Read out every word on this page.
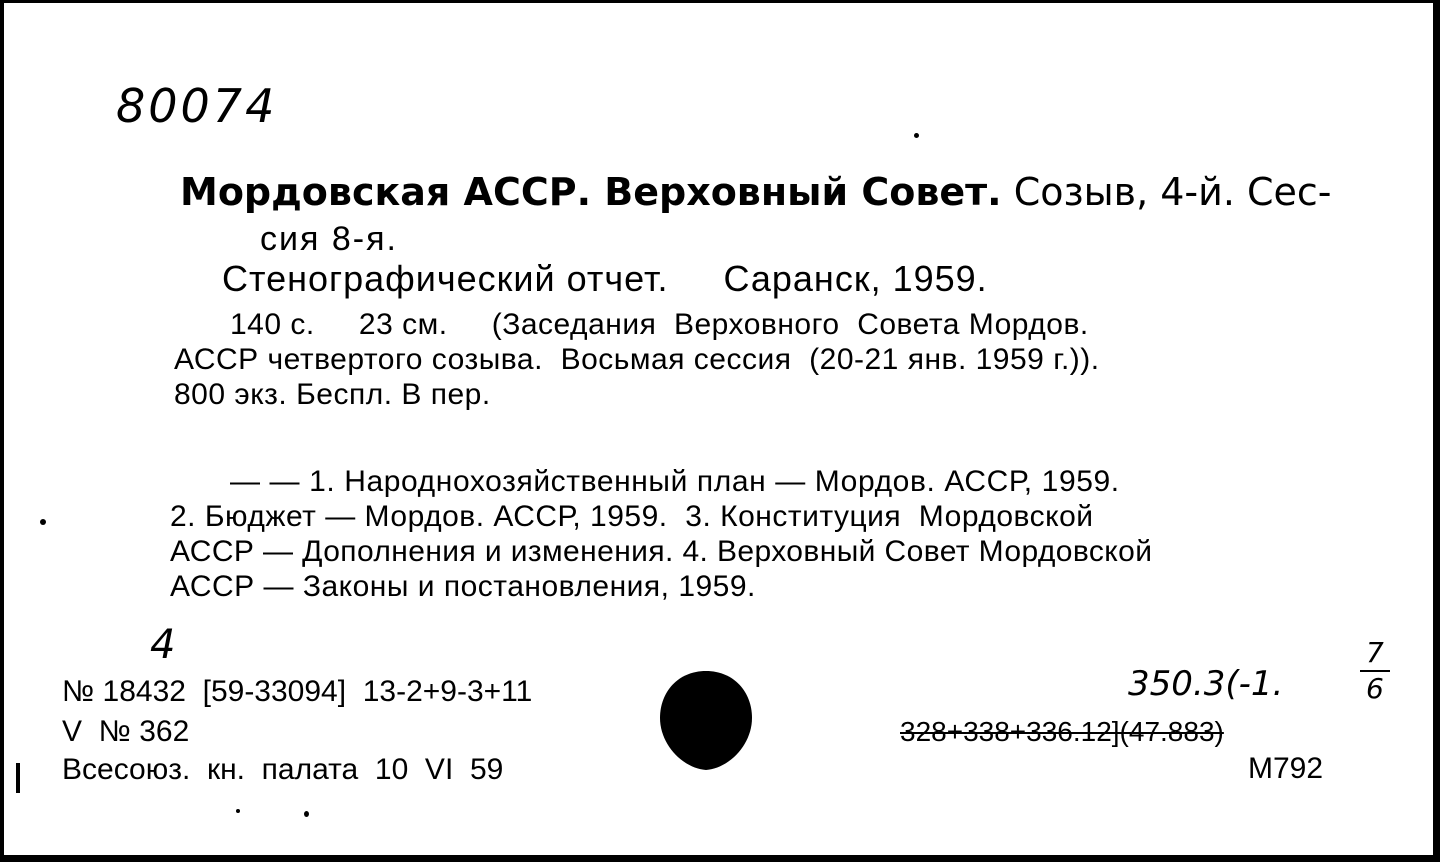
80074
Мордовская АССР. Верховный Совет. Созыв, 4-й. Сес-
сия 8-я.
Стенографический отчет.     Саранск, 1959.
140 с.     23 см.     (Заседания  Верховного  Совета Мордов.
АССР четвертого созыва.  Восьмая сессия  (20-21 янв. 1959 г.)).
800 экз. Беспл. В пер.
— — 1. Народнохозяйственный план — Мордов. АССР, 1959.
2. Бюджет — Мордов. АССР, 1959.  3. Конституция  Мордовской
АССР — Дополнения и изменения. 4. Верховный Совет Мордовской
АССР — Законы и постановления, 1959.
4
№ 18432  [59-33094]  13-2+9-3+11
V  № 362
Всесоюз.  кн.  палата  10  VI  59
350.3(-1.
7
6
328+338+336.12](47.883)
М792
